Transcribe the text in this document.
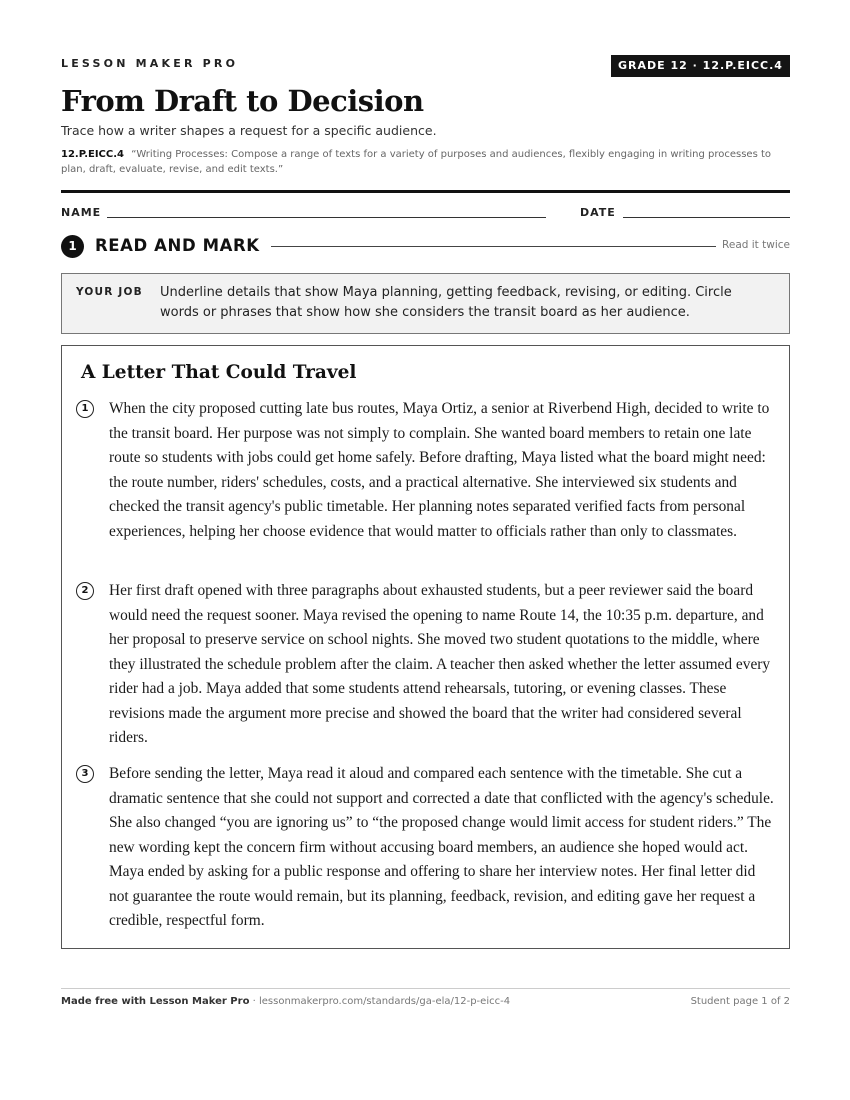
LESSON MAKER PRO	GRADE 12 · 12.P.EICC.4
From Draft to Decision
Trace how a writer shapes a request for a specific audience.
12.P.EICC.4 “Writing Processes: Compose a range of texts for a variety of purposes and audiences, flexibly engaging in writing processes to plan, draft, evaluate, revise, and edit texts.”
NAME	DATE
1	READ AND MARK	Read it twice
YOUR JOB Underline details that show Maya planning, getting feedback, revising, or editing. Circle words or phrases that show how she considers the transit board as her audience.
A Letter That Could Travel
1	When the city proposed cutting late bus routes, Maya Ortiz, a senior at Riverbend High, decided to write to the transit board. Her purpose was not simply to complain. She wanted board members to retain one late route so students with jobs could get home safely. Before drafting, Maya listed what the board might need: the route number, riders' schedules, costs, and a practical alternative. She interviewed six students and checked the transit agency's public timetable. Her planning notes separated verified facts from personal experiences, helping her choose evidence that would matter to officials rather than only to classmates.

2	Her first draft opened with three paragraphs about exhausted students, but a peer reviewer said the board would need the request sooner. Maya revised the opening to name Route 14, the 10:35 p.m. departure, and her proposal to preserve service on school nights. She moved two student quotations to the middle, where they illustrated the schedule problem after the claim. A teacher then asked whether the letter assumed every rider had a job. Maya added that some students attend rehearsals, tutoring, or evening classes. These revisions made the argument more precise and showed the board that the writer had considered several riders.

3	Before sending the letter, Maya read it aloud and compared each sentence with the timetable. She cut a dramatic sentence that she could not support and corrected a date that conflicted with the agency's schedule. She also changed “you are ignoring us” to “the proposed change would limit access for student riders.” The new wording kept the concern firm without accusing board members, an audience she hoped would act. Maya ended by asking for a public response and offering to share her interview notes. Her final letter did not guarantee the route would remain, but its planning, feedback, revision, and editing gave her request a credible, respectful form.

Made free with Lesson Maker Pro · lessonmakerpro.com/standards/ga-ela/12-p-eicc-4	Student page 1 of 2
